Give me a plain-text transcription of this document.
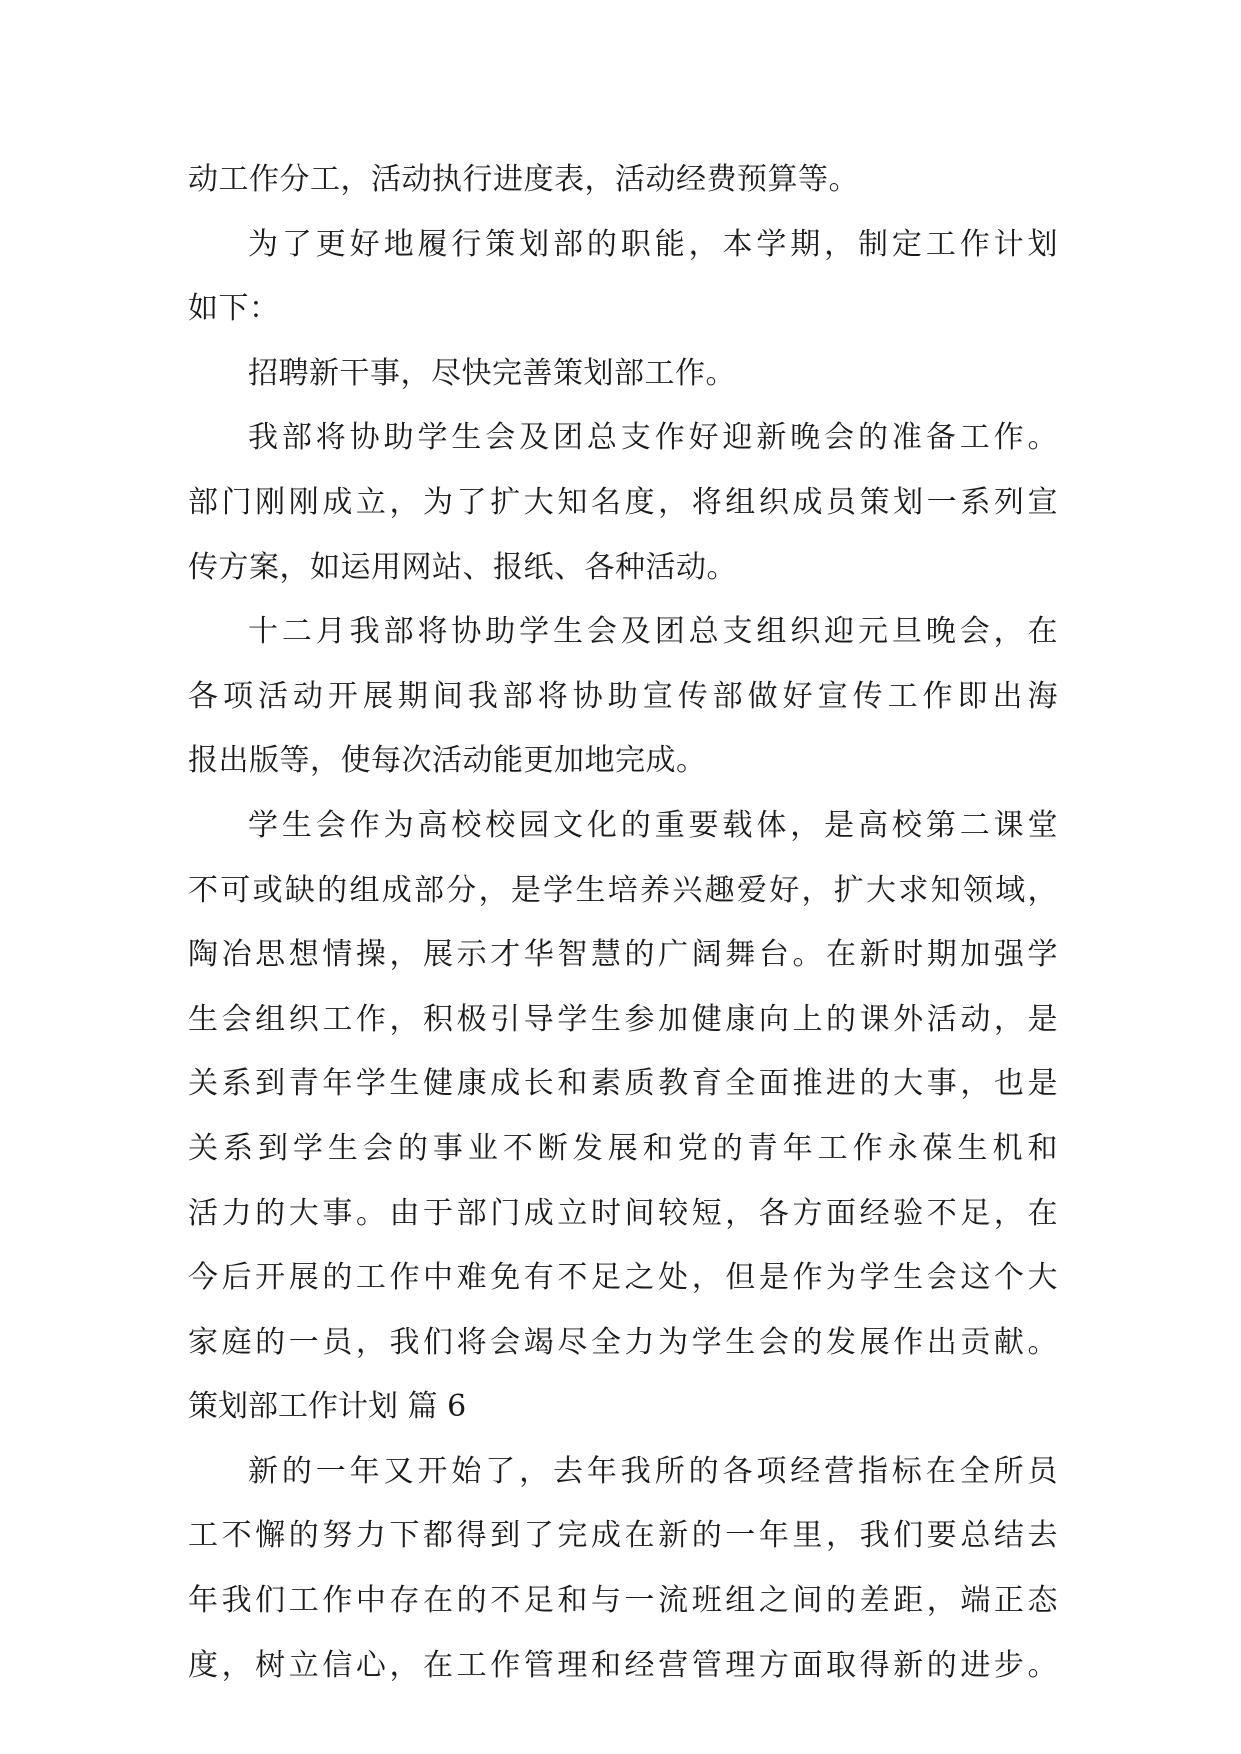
动工作分工，活动执行进度表，活动经费预算等。
为了更好地履行策划部的职能，本学期，制定工作计划
如下：
招聘新干事，尽快完善策划部工作。
我部将协助学生会及团总支作好迎新晚会的准备工作。
部门刚刚成立，为了扩大知名度，将组织成员策划一系列宣
传方案，如运用网站、报纸、各种活动。
十二月我部将协助学生会及团总支组织迎元旦晚会，在
各项活动开展期间我部将协助宣传部做好宣传工作即出海
报出版等，使每次活动能更加地完成。
学生会作为高校校园文化的重要载体，是高校第二课堂
不可或缺的组成部分，是学生培养兴趣爱好，扩大求知领域，
陶冶思想情操，展示才华智慧的广阔舞台。在新时期加强学
生会组织工作，积极引导学生参加健康向上的课外活动，是
关系到青年学生健康成长和素质教育全面推进的大事，也是
关系到学生会的事业不断发展和党的青年工作永葆生机和
活力的大事。由于部门成立时间较短，各方面经验不足，在
今后开展的工作中难免有不足之处，但是作为学生会这个大
家庭的一员，我们将会竭尽全力为学生会的发展作出贡献。
策划部工作计划 篇 6
新的一年又开始了，去年我所的各项经营指标在全所员
工不懈的努力下都得到了完成在新的一年里，我们要总结去
年我们工作中存在的不足和与一流班组之间的差距，端正态
度，树立信心，在工作管理和经营管理方面取得新的进步。
